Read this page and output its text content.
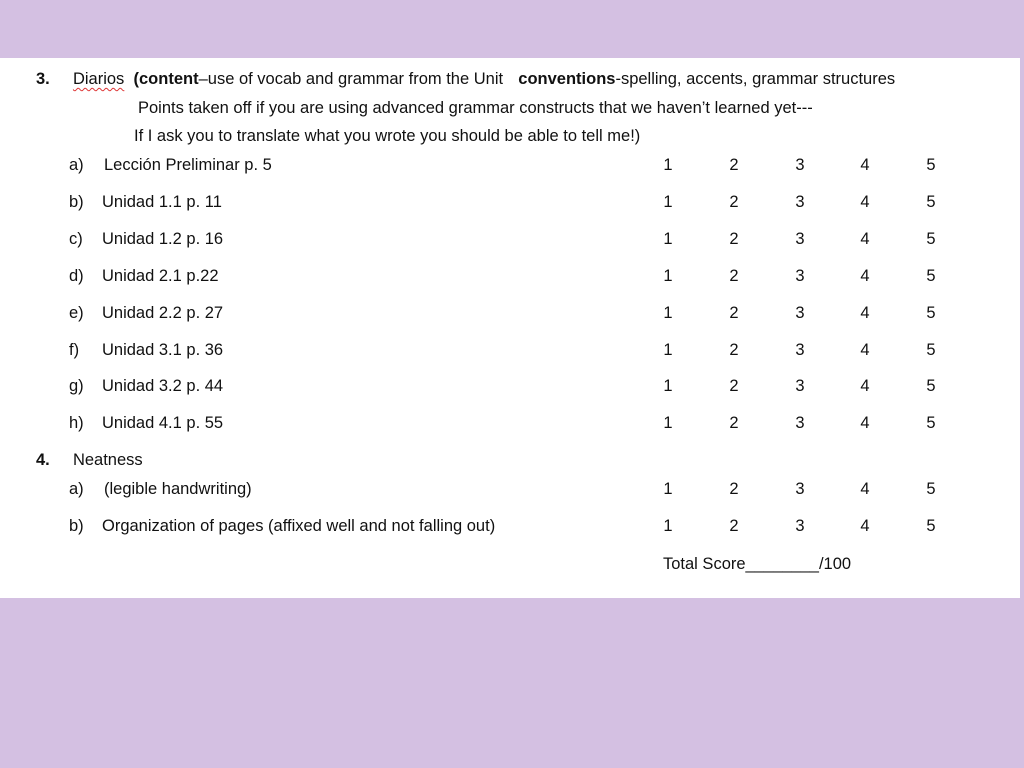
3. Diarios (content–use of vocab and grammar from the Unit conventions-spelling, accents, grammar structures
Points taken off if you are using advanced grammar constructs that we haven’t learned yet---
If I ask you to translate what you wrote you should be able to tell me!)
a) Lección Preliminar p. 5	1	2	3	4	5
b) Unidad 1.1 p. 11	1	2	3	4	5
c) Unidad 1.2 p. 16	1	2	3	4	5
d) Unidad 2.1 p.22	1	2	3	4	5
e) Unidad 2.2 p. 27	1	2	3	4	5
f) Unidad 3.1 p. 36	1	2	3	4	5
g) Unidad 3.2 p. 44	1	2	3	4	5
h) Unidad 4.1 p. 55	1	2	3	4	5
4. Neatness
a) (legible handwriting)	1	2	3	4	5
b) Organization of pages (affixed well and not falling out)	1	2	3	4	5
Total Score________/100
